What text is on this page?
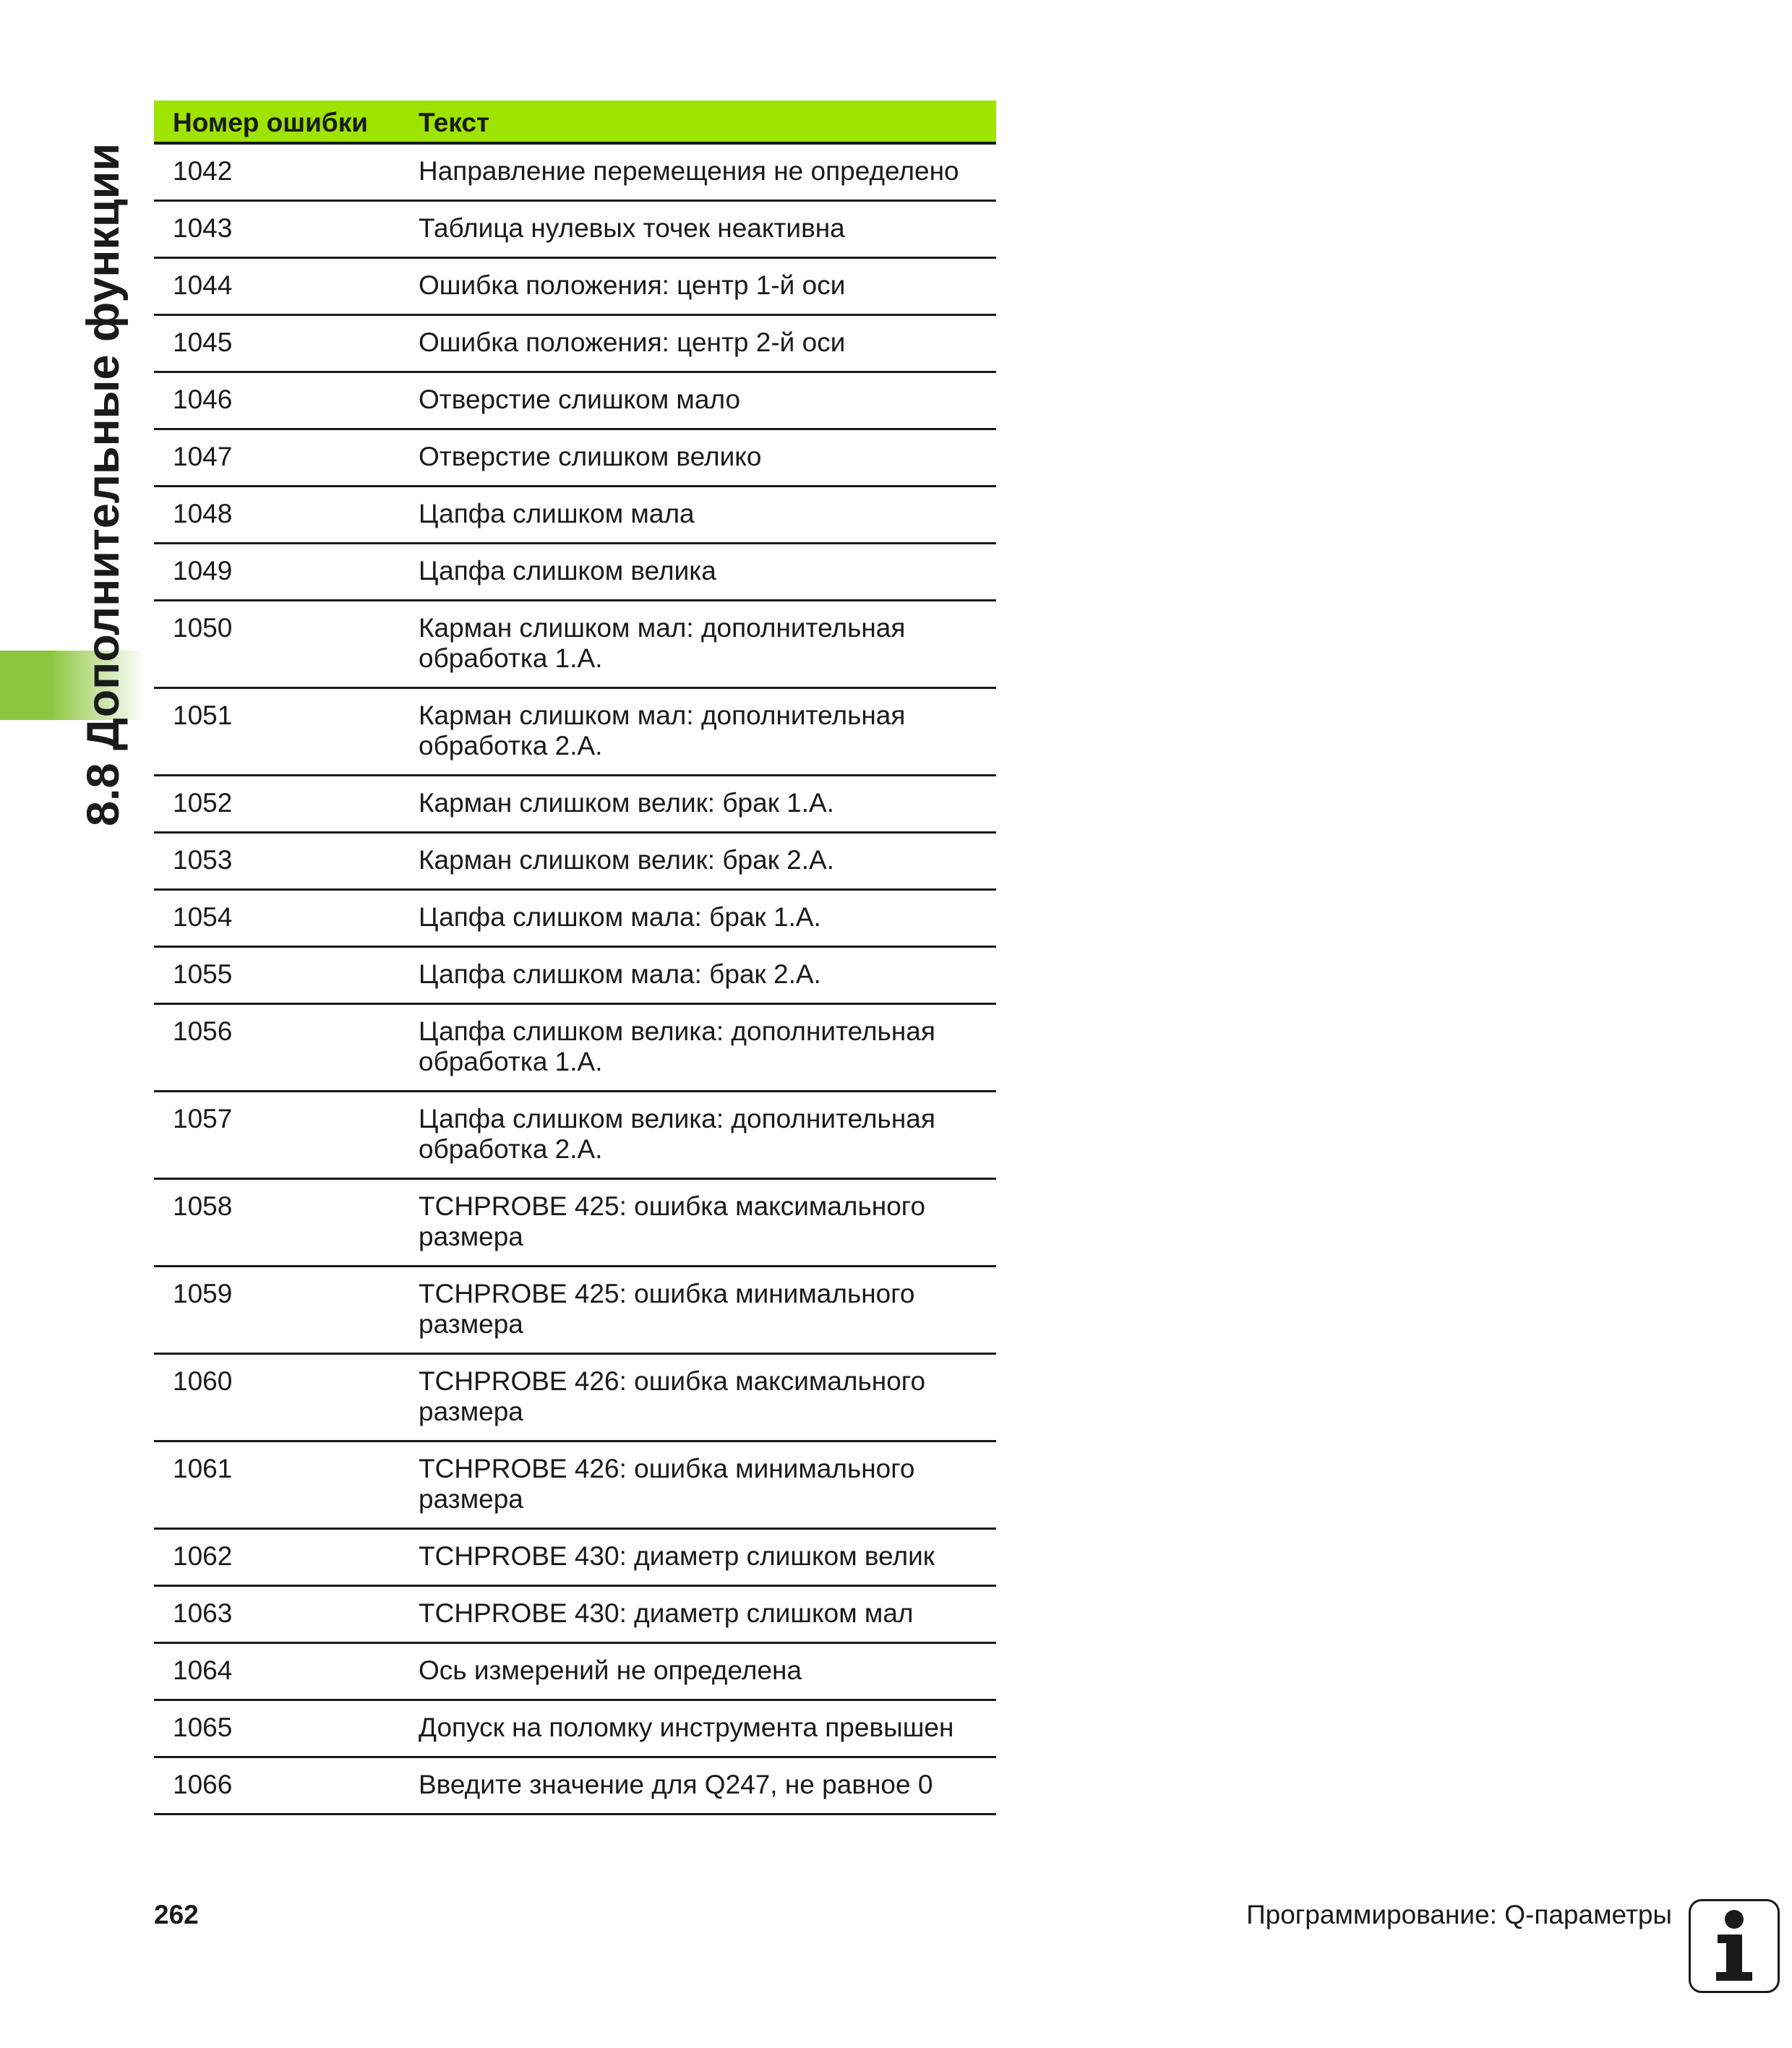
8.8 Дополнительные функции
Номер ошибки	Текст
1042	Направление перемещения не определено
1043	Таблица нулевых точек неактивна
1044	Ошибка положения: центр 1-й оси
1045	Ошибка положения: центр 2-й оси
1046	Отверстие слишком мало
1047	Отверстие слишком велико
1048	Цапфа слишком мала
1049	Цапфа слишком велика
1050	Карман слишком мал: дополнительная обработка 1.A.
1051	Карман слишком мал: дополнительная обработка 2.A.
1052	Карман слишком велик: брак 1.A.
1053	Карман слишком велик: брак 2.A.
1054	Цапфа слишком мала: брак 1.A.
1055	Цапфа слишком мала: брак 2.A.
1056	Цапфа слишком велика: дополнительная обработка 1.A.
1057	Цапфа слишком велика: дополнительная обработка 2.A.
1058	TCHPROBE 425: ошибка максимального размера
1059	TCHPROBE 425: ошибка минимального размера
1060	TCHPROBE 426: ошибка максимального размера
1061	TCHPROBE 426: ошибка минимального размера
1062	TCHPROBE 430: диаметр слишком велик
1063	TCHPROBE 430: диаметр слишком мал
1064	Ось измерений не определена
1065	Допуск на поломку инструмента превышен
1066	Введите значение для Q247, не равное 0
262	Программирование: Q-параметры
